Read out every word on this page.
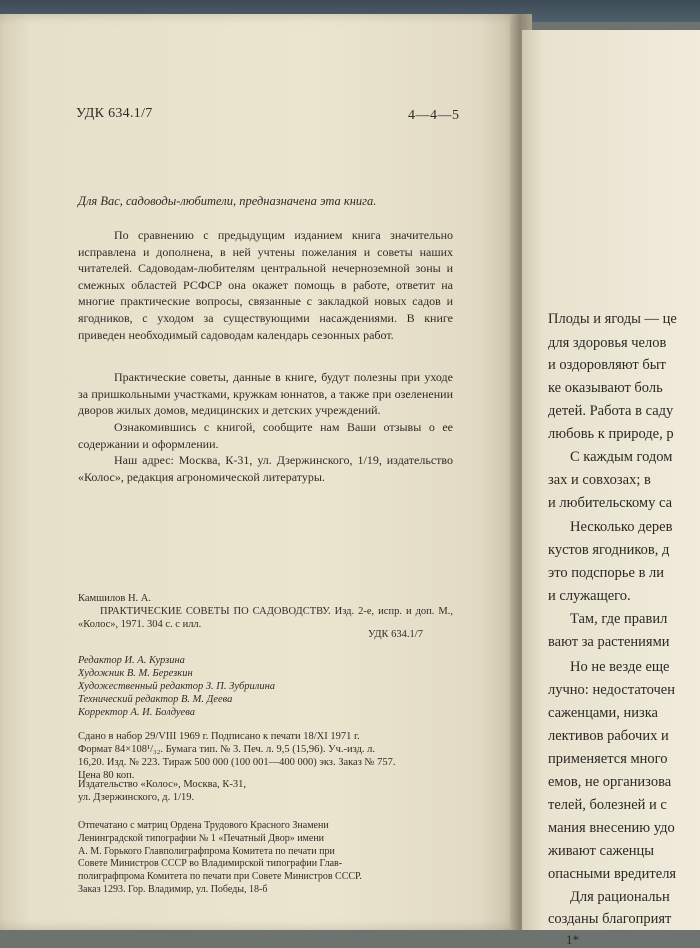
УДК 634.1/7	4—4—5
Для Вас, садоводы-любители, предназначена эта книга.

По сравнению с предыдущим изданием книга значительно исправлена и дополнена, в ней учтены пожелания и советы наших читателей. Садоводам-любителям центральной нечерноземной зоны и смежных областей РСФСР она окажет помощь в работе, ответит на многие практические вопросы, связанные с закладкой новых садов и ягодников, с уходом за существующими насаждениями. В книге приведен необходимый садоводам календарь сезонных работ.

Практические советы, данные в книге, будут полезны при уходе за пришкольными участками, кружкам юннатов, а также при озеленении дворов жилых домов, медицинских и детских учреждений.

Ознакомившись с книгой, сообщите нам Ваши отзывы о ее содержании и оформлении.

Наш адрес: Москва, К-31, ул. Дзержинского, 1/19, издательство «Колос», редакция агрономической литературы.

Камшилов Н. А.
ПРАКТИЧЕСКИЕ СОВЕТЫ ПО САДОВОДСТВУ. Изд. 2-е, испр. и доп. М., «Колос», 1971. 304 с. с илл.
УДК 634.1/7
Редактор И. А. Курзина
Художник В. М. Березкин
Художественный редактор З. П. Зубрилина
Технический редактор В. М. Деева
Корректор А. И. Болдуева
Сдано в набор 29/VIII 1969 г. Подписано к печати 18/XI 1971 г.
Формат 84×108¹/₃₂. Бумага тип. № 3. Печ. л. 9,5 (15,96). Уч.-изд. л.
16,20. Изд. № 223. Тираж 500 000 (100 001—400 000) экз. Заказ № 757.
Цена 80 коп.
Издательство «Колос», Москва, К-31,
ул. Дзержинского, д. 1/19.
Отпечатано с матриц Ордена Трудового Красного Знамени
Ленинградской типографии № 1 «Печатный Двор» имени
А. М. Горького Главполиграфпрома Комитета по печати при
Совете Министров СССР во Владимирской типографии Глав-
полиграфпрома Комитета по печати при Совете Министров СССР.
Заказ 1293. Гор. Владимир, ул. Победы, 18-б
Плоды и ягоды — це
для здоровья челов
и оздоровляют быт
ке оказывают боль
детей. Работа в саду
любовь к природе, р
С каждым годом
зах и совхозах; в
и любительскому са
Несколько дерев
кустов ягодников, д
это подспорье в ли
и служащего.
Там, где правил
вают за растениями
Но не везде еще
лучно: недостаточен
саженцами, низка
лективов рабочих и
применяется много
емов, не организова
телей, болезней и с
мания внесению удо
живают саженцы
опасными вредителя
Для рациональн
созданы благоприят
1*
